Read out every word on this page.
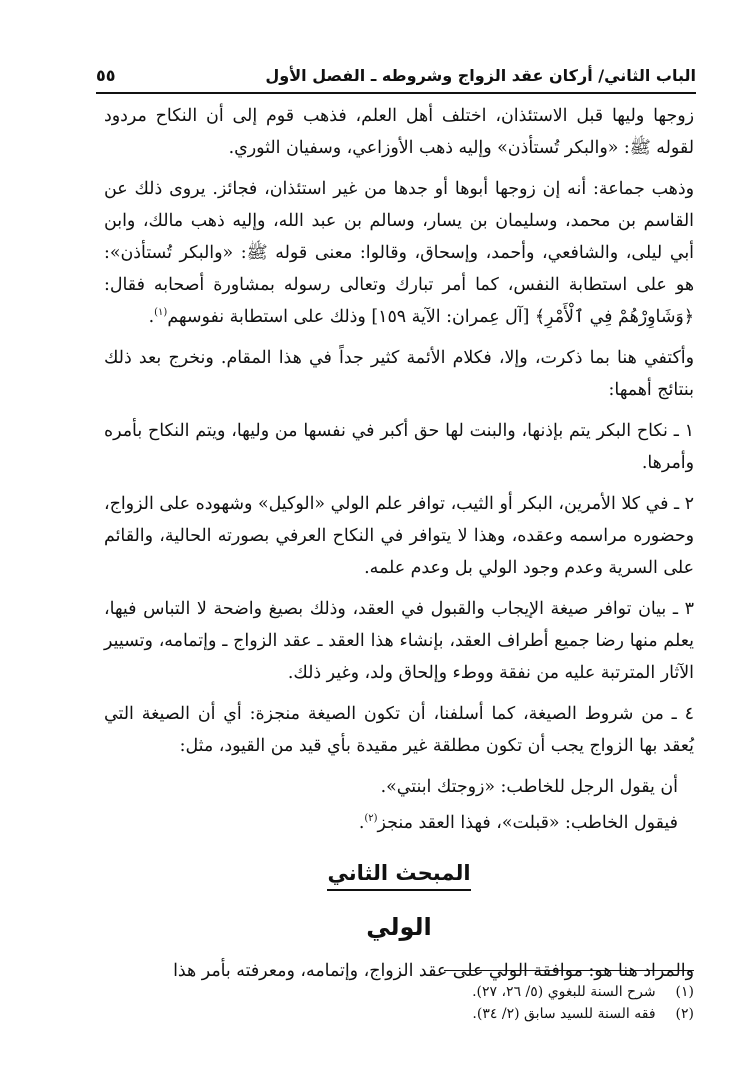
الباب الثاني/ أركان عقد الزواج وشروطه ـ الفصل الأول
٥٥

زوجها وليها قبل الاستئذان، اختلف أهل العلم، فذهب قوم إلى أن النكاح مردود لقوله ﷺ: «والبكر تُستأذن» وإليه ذهب الأوزاعي، وسفيان الثوري.

وذهب جماعة: أنه إن زوجها أبوها أو جدها من غير استئذان، فجائز. يروى ذلك عن القاسم بن محمد، وسليمان بن يسار، وسالم بن عبد الله، وإليه ذهب مالك، وابن أبي ليلى، والشافعي، وأحمد، وإسحاق، وقالوا: معنى قوله ﷺ: «والبكر تُستأذن»: هو على استطابة النفس، كما أمر تبارك وتعالى رسوله بمشاورة أصحابه فقال: ﴿وَشَاوِرْهُمْ فِي ٱلْأَمْرِ﴾ [آل عِمران: الآية ١٥٩] وذلك على استطابة نفوسهم$^{(١)}$.

وأكتفي هنا بما ذكرت، وإلا، فكلام الأئمة كثير جداً في هذا المقام. ونخرج بعد ذلك بنتائج أهمها:

١ ـ نكاح البكر يتم بإذنها، والبنت لها حق أكبر في نفسها من وليها، ويتم النكاح بأمره وأمرها.

٢ ـ في كلا الأمرين، البكر أو الثيب، توافر علم الولي «الوكيل» وشهوده على الزواج، وحضوره مراسمه وعقده، وهذا لا يتوافر في النكاح العرفي بصورته الحالية، والقائم على السرية وعدم وجود الولي بل وعدم علمه.

٣ ـ بيان توافر صيغة الإيجاب والقبول في العقد، وذلك بصيغ واضحة لا التباس فيها، يعلم منها رضا جميع أطراف العقد، بإنشاء هذا العقد ـ عقد الزواج ـ وإتمامه، وتسيير الآثار المترتبة عليه من نفقة ووطء وإلحاق ولد، وغير ذلك.

٤ ـ من شروط الصيغة، كما أسلفنا، أن تكون الصيغة منجزة: أي أن الصيغة التي يُعقد بها الزواج يجب أن تكون مطلقة غير مقيدة بأي قيد من القيود، مثل:

أن يقول الرجل للخاطب: «زوجتك ابنتي».

فيقول الخاطب: «قبلت»، فهذا العقد منجز$^{(٢)}$.

المبحث الثاني

الولي

والمراد هنا هو: موافقة الولي على عقد الزواج، وإتمامه، ومعرفته بأمر هذا

(١) شرح السنة للبغوي (٥/ ٢٦، ٢٧).
(٢) فقه السنة للسيد سابق (٢/ ٣٤).
